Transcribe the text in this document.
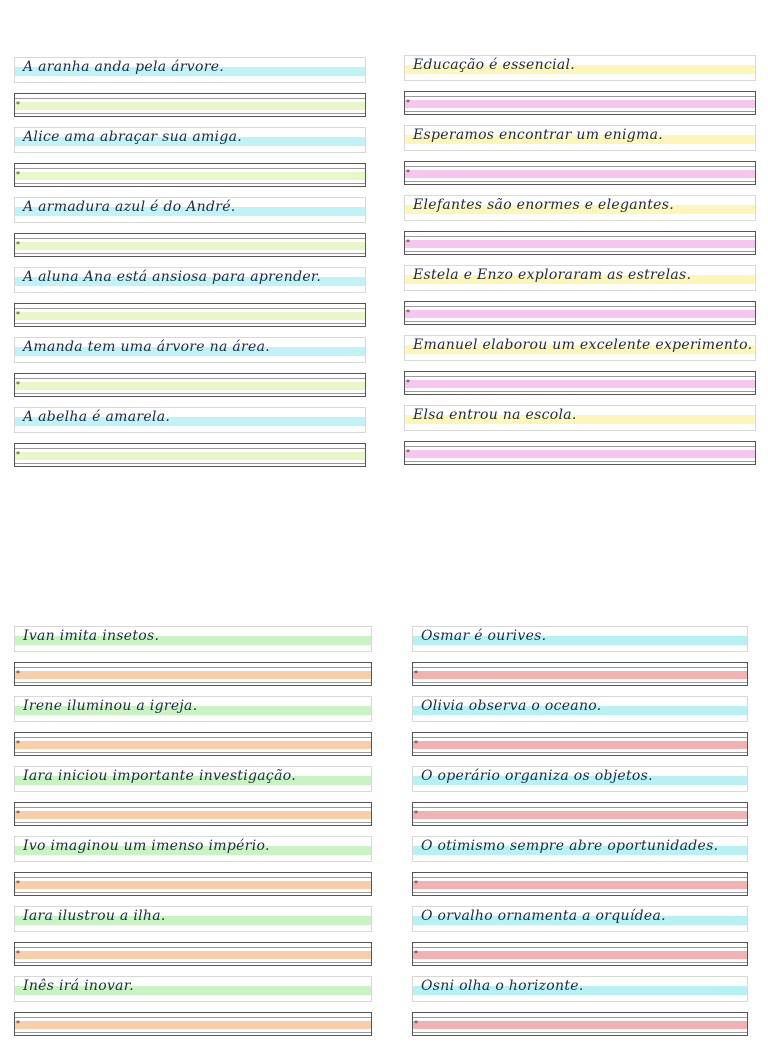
A aranha anda pela árvore.
*
Alice ama abraçar sua amiga.
*
A armadura azul é do André.
*
A aluna Ana está ansiosa para aprender.
*
Amanda tem uma árvore na área.
*
A abelha é amarela.
*
Educação é essencial.
*
Esperamos encontrar um enigma.
*
Elefantes são enormes e elegantes.
*
Estela e Enzo exploraram as estrelas.
*
Emanuel elaborou um excelente experimento.
*
Elsa entrou na escola.
*
Ivan imita insetos.
*
Irene iluminou a igreja.
*
Iara iniciou importante investigação.
*
Ivo imaginou um imenso império.
*
Iara ilustrou a ilha.
*
Inês irá inovar.
*
Osmar é ourives.
*
Olivia observa o oceano.
*
O operário organiza os objetos.
*
O otimismo sempre abre oportunidades.
*
O orvalho ornamenta a orquídea.
*
Osni olha o horizonte.
*
